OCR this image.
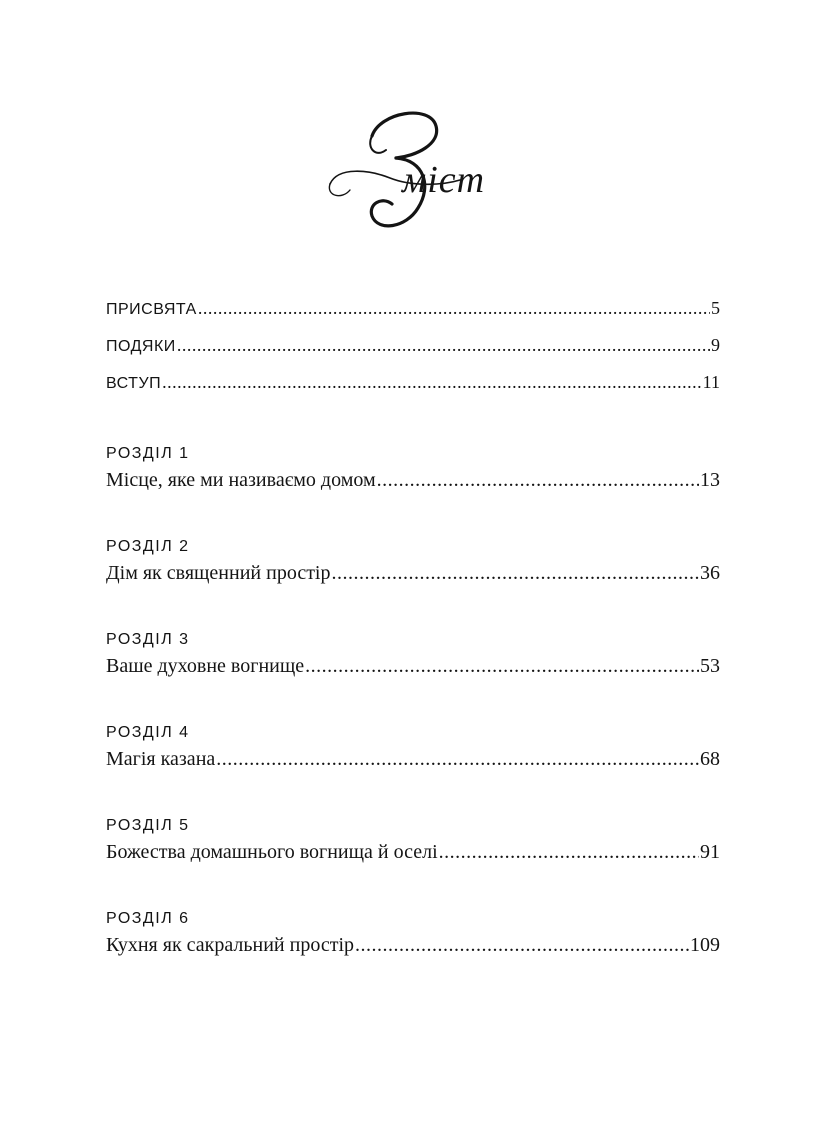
міст
ПРИСВЯТА .....	5
ПОДЯКИ .....	9
ВСТУП .....	11
РОЗДІЛ 1
Місце, яке ми називаємо домом .....	13
РОЗДІЛ 2
Дім як священний простір .....	36
РОЗДІЛ 3
Ваше духовне вогнище .....	53
РОЗДІЛ 4
Магія казана .....	68
РОЗДІЛ 5
Божества домашнього вогнища й оселі .....	91
РОЗДІЛ 6
Кухня як сакральний простір .....	109
